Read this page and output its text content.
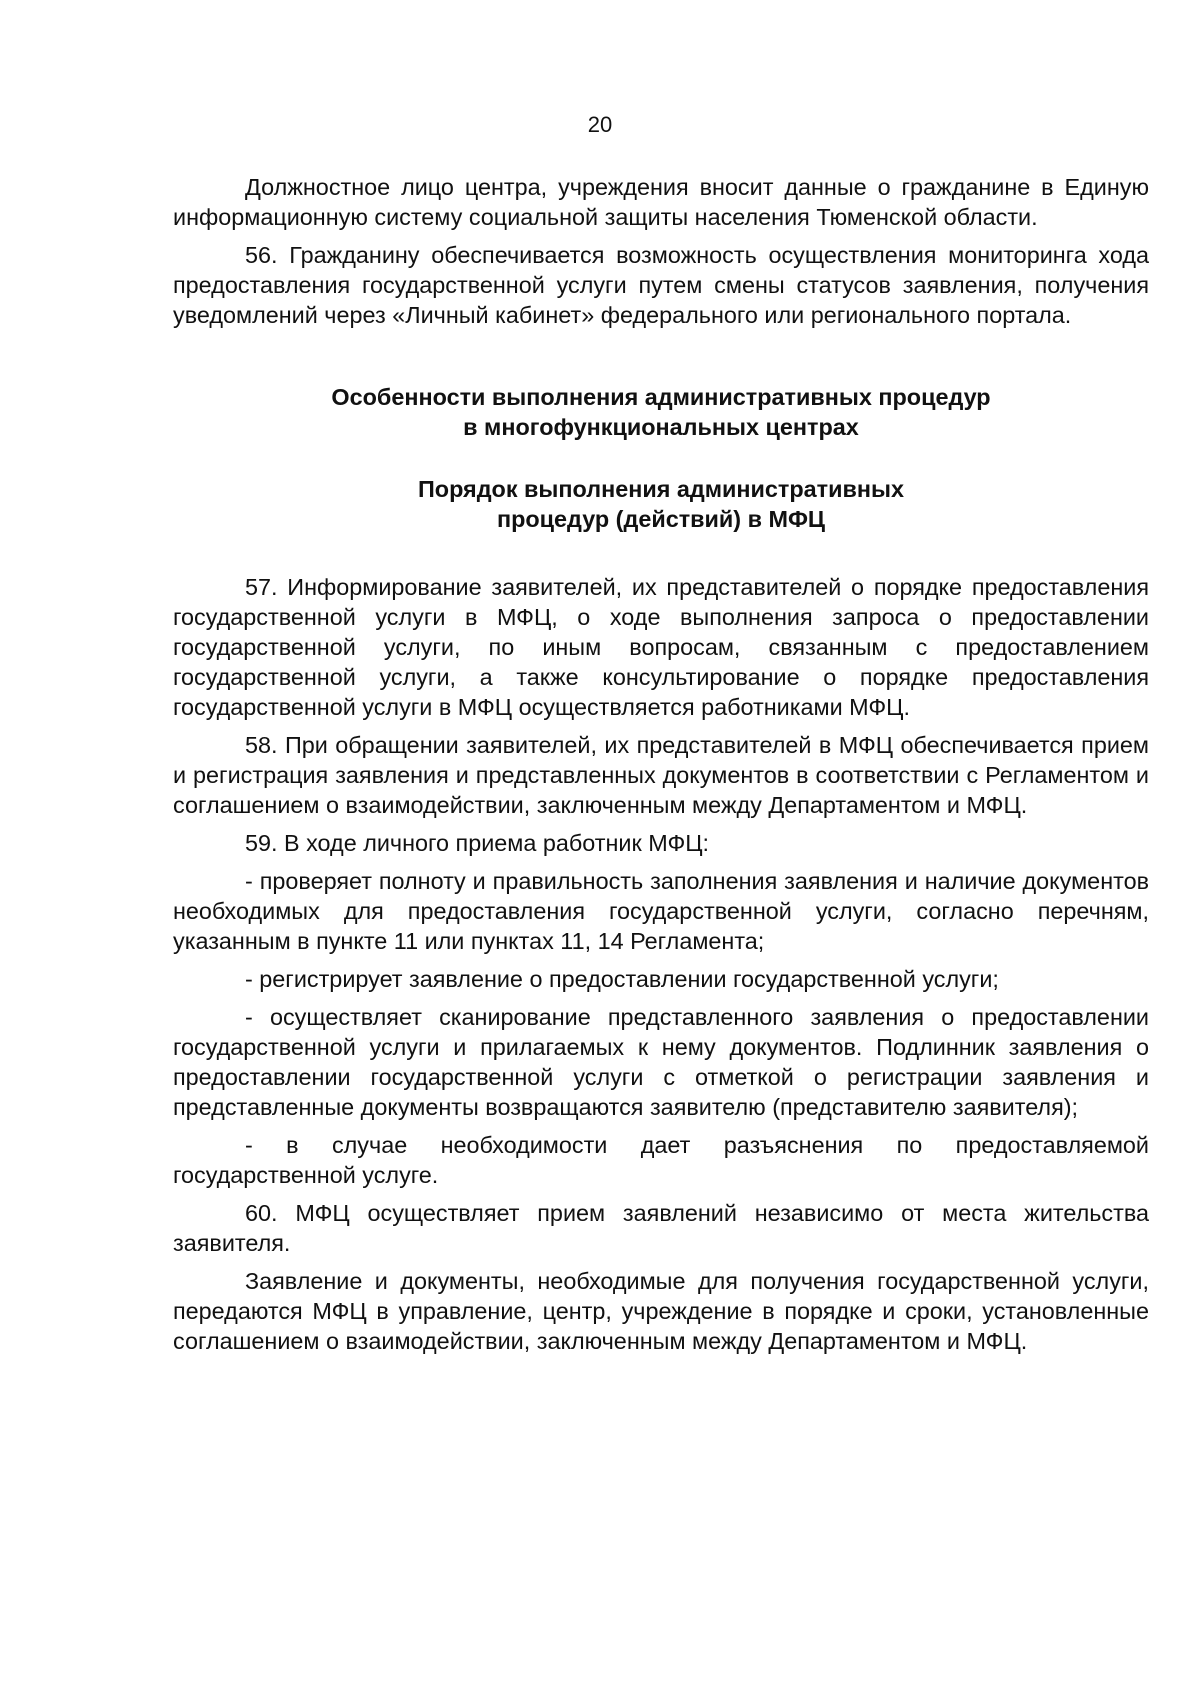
20

Должностное лицо центра, учреждения вносит данные о гражданине в Единую информационную систему социальной защиты населения Тюменской области.

56. Гражданину обеспечивается возможность осуществления мониторинга хода предоставления государственной услуги путем смены статусов заявления, получения уведомлений через «Личный кабинет» федерального или регионального портала.

Особенности выполнения административных процедур

в многофункциональных центрах

Порядок выполнения административных

процедур (действий) в МФЦ

57. Информирование заявителей, их представителей о порядке предоставления государственной услуги в МФЦ, о ходе выполнения запроса о предоставлении государственной услуги, по иным вопросам, связанным с предоставлением государственной услуги, а также консультирование о порядке предоставления государственной услуги в МФЦ осуществляется работниками МФЦ.

58. При обращении заявителей, их представителей в МФЦ обеспечивается прием и регистрация заявления и представленных документов в соответствии с Регламентом и соглашением о взаимодействии, заключенным между Департаментом и МФЦ.

59. В ходе личного приема работник МФЦ:

- проверяет полноту и правильность заполнения заявления и наличие документов необходимых для предоставления государственной услуги, согласно перечням, указанным в пункте 11 или пунктах 11, 14 Регламента;

- регистрирует заявление о предоставлении государственной услуги;

- осуществляет сканирование представленного заявления о предоставлении государственной услуги и прилагаемых к нему документов. Подлинник заявления о предоставлении государственной услуги с отметкой о регистрации заявления и представленные документы возвращаются заявителю (представителю заявителя);

- в случае необходимости дает разъяснения по предоставляемой государственной услуге.

60. МФЦ осуществляет прием заявлений независимо от места жительства заявителя.

Заявление и документы, необходимые для получения государственной услуги, передаются МФЦ в управление, центр, учреждение в порядке и сроки, установленные соглашением о взаимодействии, заключенным между Департаментом и МФЦ.
